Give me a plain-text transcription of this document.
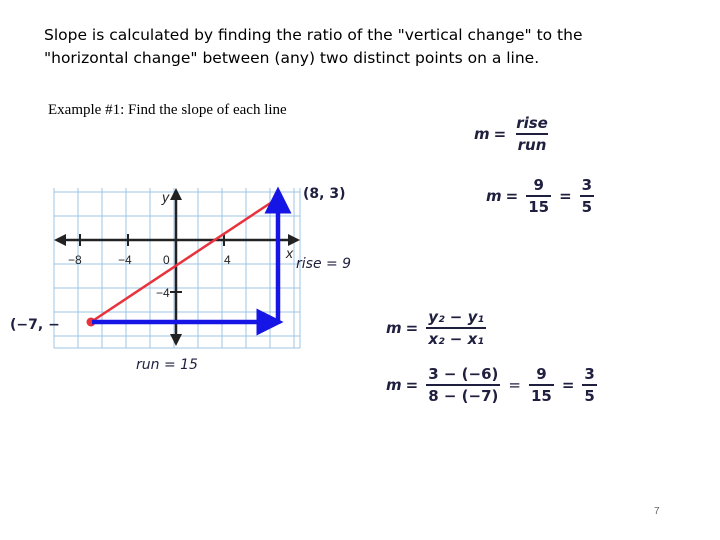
Slope is calculated by finding the ratio of the "vertical change" to the
"horizontal change" between (any) two distinct points on a line.

Example #1: Find the slope of each line

−8	−4	0	4
−4
x
y	(8, 3)
(−7, −
rise = 9
run = 15
$m = \frac{\text{rise}}{\text{run}}$
$m = \frac{9}{15} = \frac{3}{5}$
$m = \frac{\text{y₂ − y₁}}{\text{x₂ − x₁}}$
$m = \frac{3 - (-6)}{8 - (-7)} = \frac{9}{15} = \frac{3}{5}$
7
